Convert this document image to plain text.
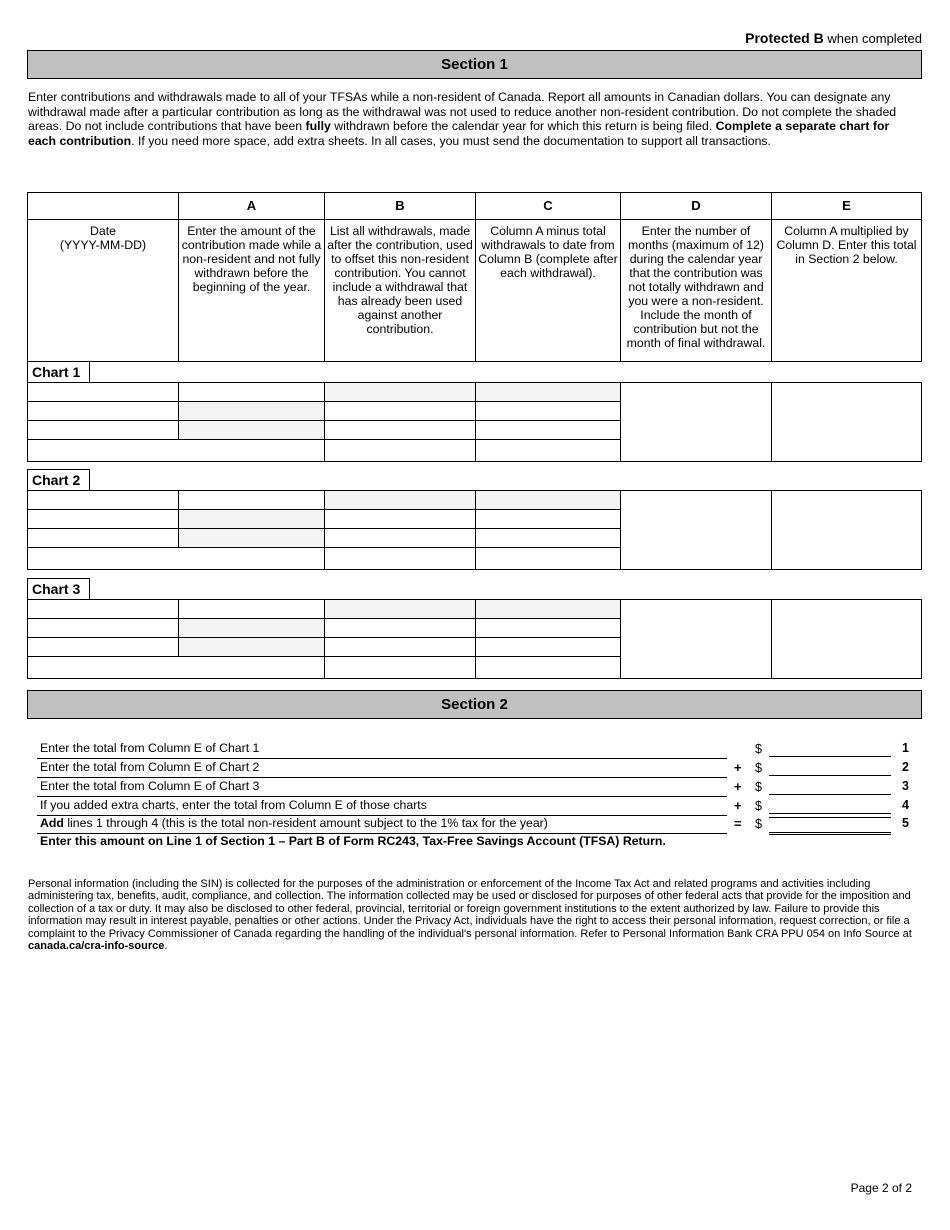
Protected B when completed
Section 1
Enter contributions and withdrawals made to all of your TFSAs while a non-resident of Canada. Report all amounts in Canadian dollars. You can designate any withdrawal made after a particular contribution as long as the withdrawal was not used to reduce another non-resident contribution. Do not complete the shaded areas. Do not include contributions that have been fully withdrawn before the calendar year for which this return is being filed. Complete a separate chart for each contribution. If you need more space, add extra sheets. In all cases, you must send the documentation to support all transactions.
	A	B	C	D	E
Date
(YYYY-MM-DD)	Enter the amount of the contribution made while a non-resident and not fully withdrawn before the beginning of the year.	List all withdrawals, made after the contribution, used to offset this non-resident contribution. You cannot include a withdrawal that has already been used against another contribution.	Column A minus total withdrawals to date from Column B (complete after each withdrawal).	Enter the number of months (maximum of 12) during the calendar year that the contribution was not totally withdrawn and you were a non-resident. Include the month of contribution but not the month of final withdrawal.	Column A multiplied by Column D. Enter this total in Section 2 below.
Chart 1

Chart 2

Chart 3

Section 2
Enter the total from Column E of Chart 1	$	1
Enter the total from Column E of Chart 2	+ $	2
Enter the total from Column E of Chart 3	+ $	3
If you added extra charts, enter the total from Column E of those charts	+ $	4
Add lines 1 through 4 (this is the total non-resident amount subject to the 1% tax for the year)	= $	5
Enter this amount on Line 1 of Section 1 – Part B of Form RC243, Tax-Free Savings Account (TFSA) Return.
Personal information (including the SIN) is collected for the purposes of the administration or enforcement of the Income Tax Act and related programs and activities including administering tax, benefits, audit, compliance, and collection. The information collected may be used or disclosed for purposes of other federal acts that provide for the imposition and collection of a tax or duty. It may also be disclosed to other federal, provincial, territorial or foreign government institutions to the extent authorized by law. Failure to provide this information may result in interest payable, penalties or other actions. Under the Privacy Act, individuals have the right to access their personal information, request correction, or file a complaint to the Privacy Commissioner of Canada regarding the handling of the individual's personal information. Refer to Personal Information Bank CRA PPU 054 on Info Source at canada.ca/cra-info-source.
Page 2 of 2
